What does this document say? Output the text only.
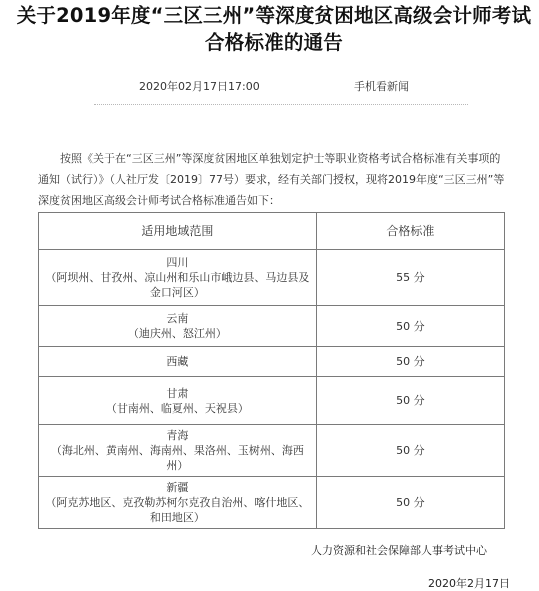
关于2019年度“三区三州”等深度贫困地区高级会计师考试合格标准的通告
2020年02月17日17:00	手机看新闻
按照《关于在“三区三州”等深度贫困地区单独划定护士等职业资格考试合格标准有关事项的通知（试行）》（人社厅发〔2019〕77号）要求，经有关部门授权，现将2019年度“三区三州”等深度贫困地区高级会计师考试合格标准通告如下：
适用地域范围	合格标准

四川
（阿坝州、甘孜州、凉山州和乐山市峨边县、马边县及金口河区）	55 分

云南
（迪庆州、怒江州）	50 分

西藏	50 分

甘肃
（甘南州、临夏州、天祝县）	50 分

青海
（海北州、黄南州、海南州、果洛州、玉树州、海西州）	50 分

新疆
（阿克苏地区、克孜勒苏柯尔克孜自治州、喀什地区、和田地区）	50 分
人力资源和社会保障部人事考试中心
2020年2月17日
